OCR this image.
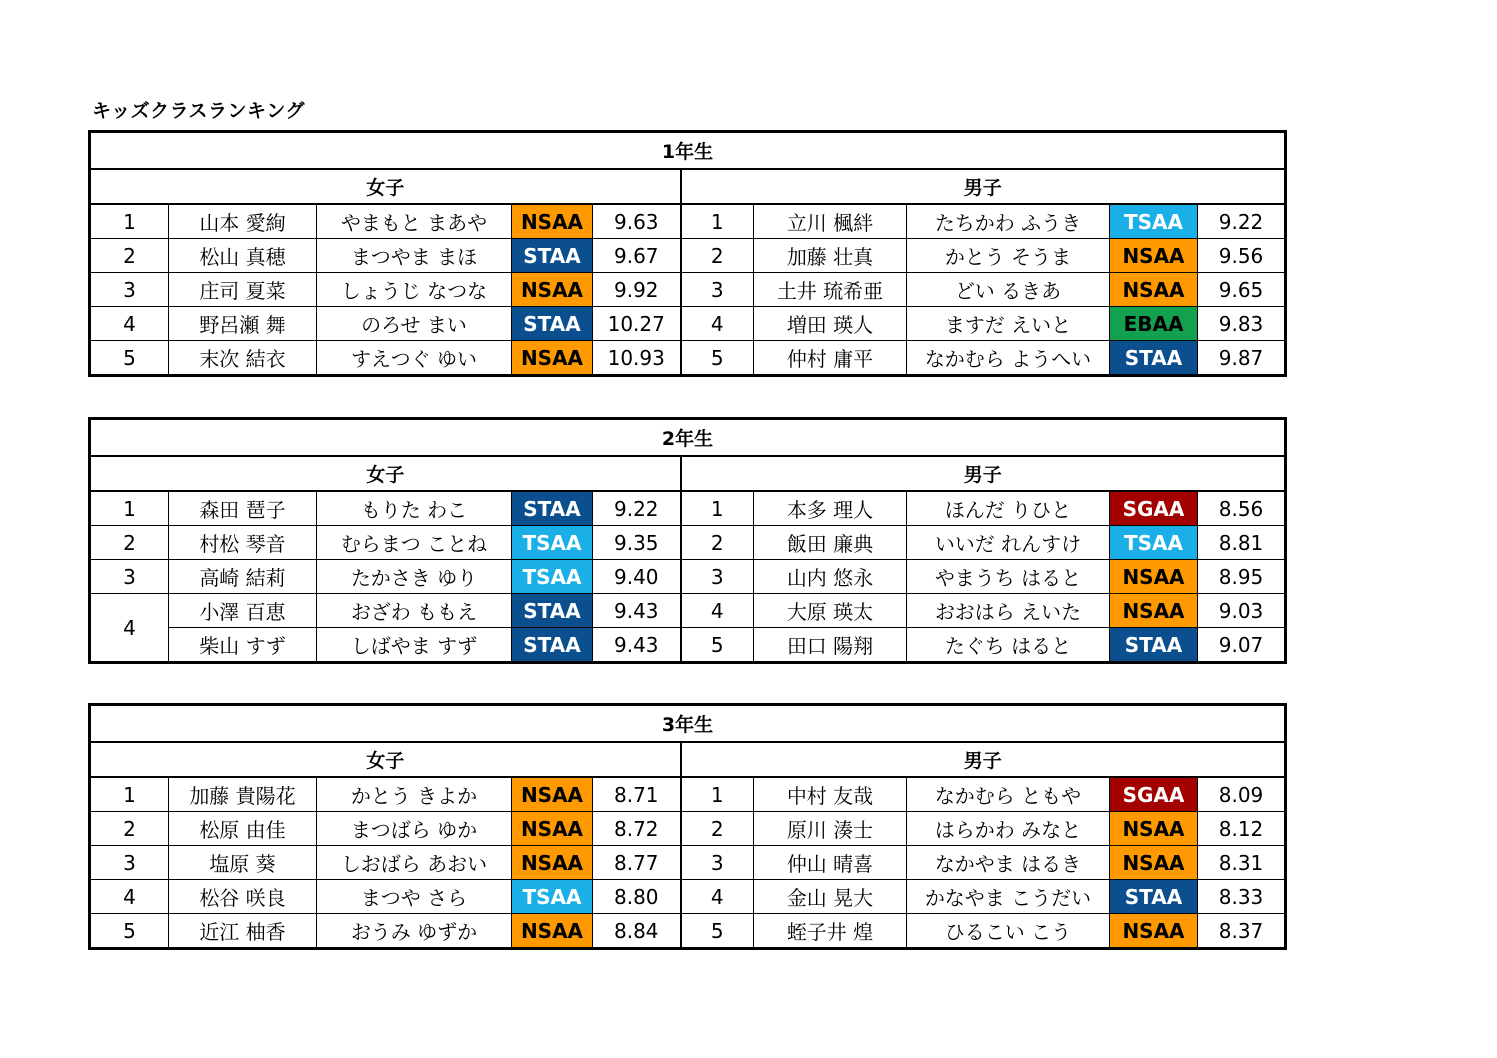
キッズクラスランキング
1年生									
女子					男子				
1	山本 愛絢	やまもと まあや	NSAA	9.63	1	立川 楓絆	たちかわ ふうき	TSAA	9.22
2	松山 真穂	まつやま まほ	STAA	9.67	2	加藤 壮真	かとう そうま	NSAA	9.56
3	庄司 夏菜	しょうじ なつな	NSAA	9.92	3	土井 琉希亜	どい るきあ	NSAA	9.65
4	野呂瀬 舞	のろせ まい	STAA	10.27	4	増田 瑛人	ますだ えいと	EBAA	9.83
5	末次 結衣	すえつぐ ゆい	NSAA	10.93	5	仲村 庸平	なかむら ようへい	STAA	9.87
2年生									
女子					男子				
1	森田 琶子	もりた わこ	STAA	9.22	1	本多 理人	ほんだ りひと	SGAA	8.56
2	村松 琴音	むらまつ ことね	TSAA	9.35	2	飯田 廉典	いいだ れんすけ	TSAA	8.81
3	高崎 結莉	たかさき ゆり	TSAA	9.40	3	山内 悠永	やまうち はると	NSAA	8.95
4	小澤 百恵	おざわ ももえ	STAA	9.43	4	大原 瑛太	おおはら えいた	NSAA	9.03
	柴山 すず	しばやま すず	STAA	9.43	5	田口 陽翔	たぐち はると	STAA	9.07
3年生									
女子					男子				
1	加藤 貴陽花	かとう きよか	NSAA	8.71	1	中村 友哉	なかむら ともや	SGAA	8.09
2	松原 由佳	まつばら ゆか	NSAA	8.72	2	原川 湊士	はらかわ みなと	NSAA	8.12
3	塩原 葵	しおばら あおい	NSAA	8.77	3	仲山 晴喜	なかやま はるき	NSAA	8.31
4	松谷 咲良	まつや さら	TSAA	8.80	4	金山 晃大	かなやま こうだい	STAA	8.33
5	近江 柚香	おうみ ゆずか	NSAA	8.84	5	蛭子井 煌	ひるこい こう	NSAA	8.37
